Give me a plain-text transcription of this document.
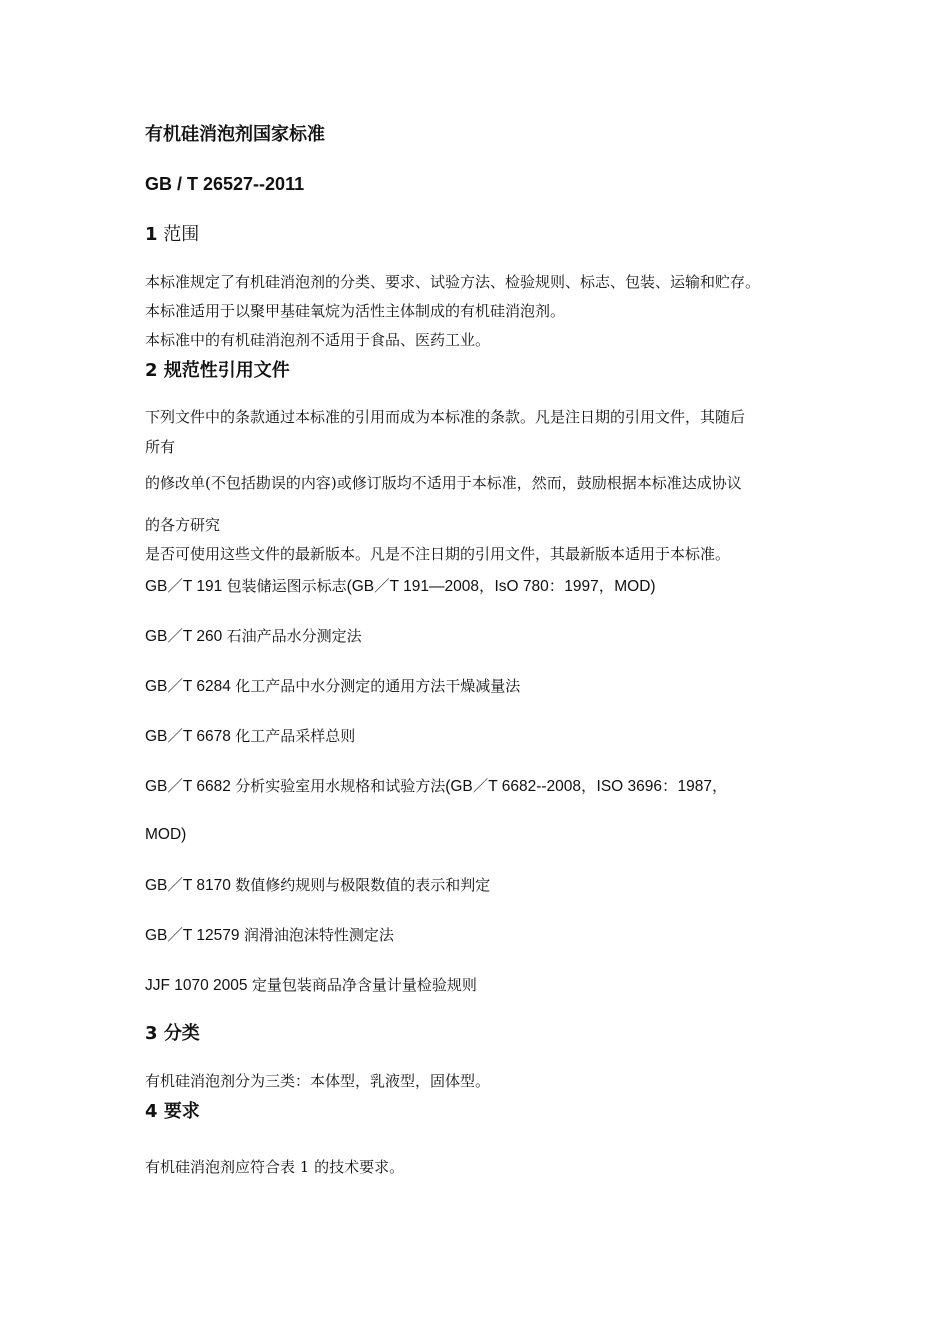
有机硅消泡剂国家标准

GB / T 26527--2011

1 范围

本标准规定了有机硅消泡剂的分类、要求、试验方法、检验规则、标志、包装、运输和贮存。

本标准适用于以聚甲基硅氧烷为活性主体制成的有机硅消泡剂。

本标准中的有机硅消泡剂不适用于食品、医药工业。

2 规范性引用文件

下列文件中的条款通过本标准的引用而成为本标准的条款。凡是注日期的引用文件，其随后

所有

的修改单(不包括勘误的内容)或修订版均不适用于本标准，然而，鼓励根据本标准达成协议

的各方研究

是否可使用这些文件的最新版本。凡是不注日期的引用文件，其最新版本适用于本标准。

GB／T 191 包装储运图示标志(GB／T 191—2008，IsO 780：1997，MOD)

GB／T 260 石油产品水分测定法

GB／T 6284 化工产品中水分测定的通用方法干燥减量法

GB／T 6678 化工产品采样总则

GB／T 6682 分析实验室用水规格和试验方法(GB／T 6682--2008，ISO 3696：1987，

MOD)

GB／T 8170 数值修约规则与极限数值的表示和判定

GB／T 12579 润滑油泡沫特性测定法

JJF 1070 2005 定量包装商品净含量计量检验规则

3 分类

有机硅消泡剂分为三类：本体型，乳液型，固体型。

4 要求

有机硅消泡剂应符合表 1 的技术要求。
